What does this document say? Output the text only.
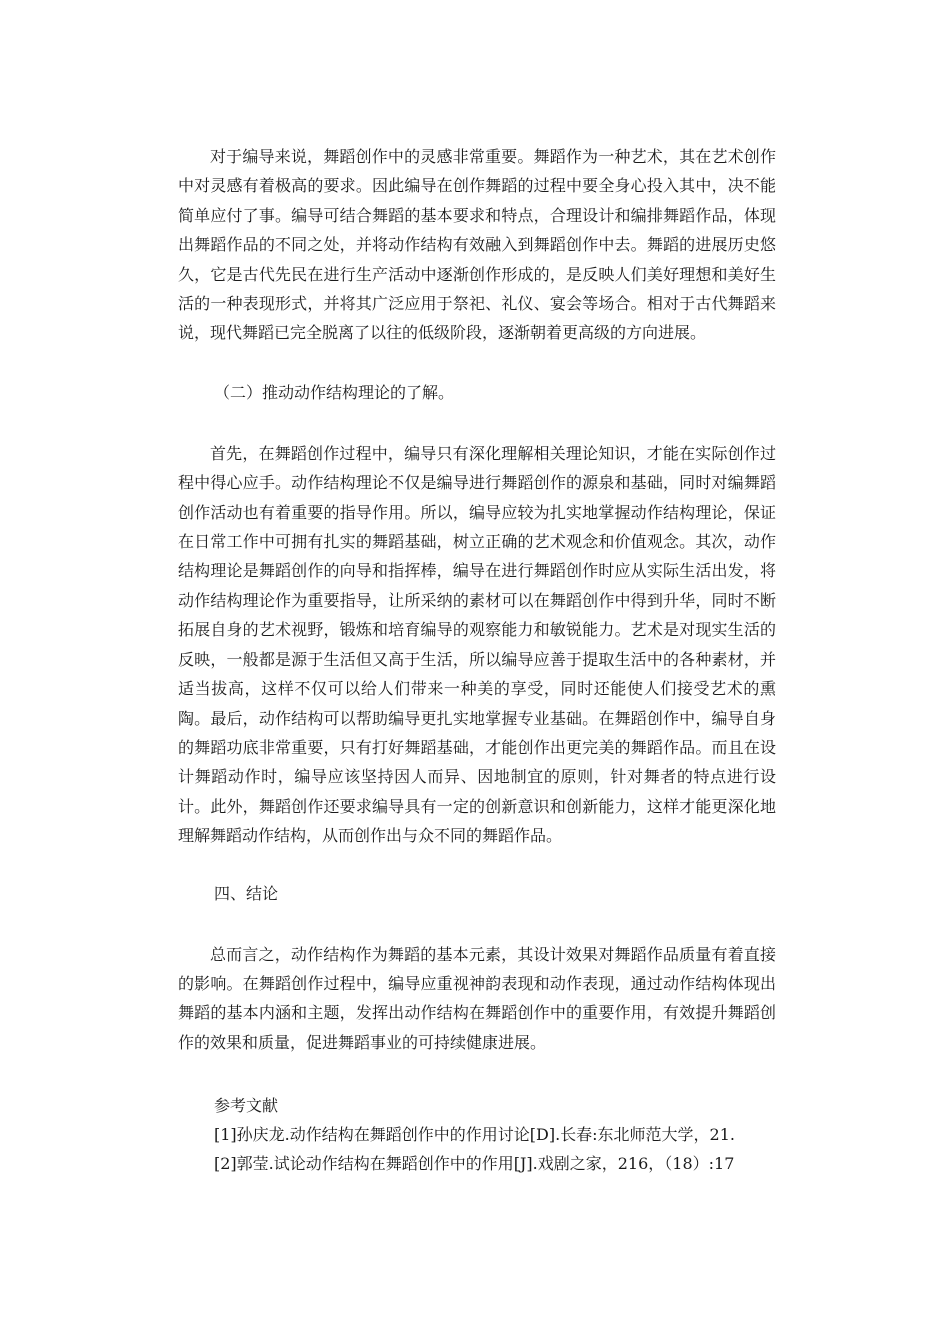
对于编导来说，舞蹈创作中的灵感非常重要。舞蹈作为一种艺术，其在艺术创作中对灵感有着极高的要求。因此编导在创作舞蹈的过程中要全身心投入其中，决不能简单应付了事。编导可结合舞蹈的基本要求和特点，合理设计和编排舞蹈作品，体现出舞蹈作品的不同之处，并将动作结构有效融入到舞蹈创作中去。舞蹈的进展历史悠久，它是古代先民在进行生产活动中逐渐创作形成的，是反映人们美好理想和美好生活的一种表现形式，并将其广泛应用于祭祀、礼仪、宴会等场合。相对于古代舞蹈来说，现代舞蹈已完全脱离了以往的低级阶段，逐渐朝着更高级的方向进展。

（二）推动动作结构理论的了解。

首先，在舞蹈创作过程中，编导只有深化理解相关理论知识，才能在实际创作过程中得心应手。动作结构理论不仅是编导进行舞蹈创作的源泉和基础，同时对编舞蹈创作活动也有着重要的指导作用。所以，编导应较为扎实地掌握动作结构理论，保证在日常工作中可拥有扎实的舞蹈基础，树立正确的艺术观念和价值观念。其次，动作结构理论是舞蹈创作的向导和指挥棒，编导在进行舞蹈创作时应从实际生活出发，将动作结构理论作为重要指导，让所采纳的素材可以在舞蹈创作中得到升华，同时不断拓展自身的艺术视野，锻炼和培育编导的观察能力和敏锐能力。艺术是对现实生活的反映，一般都是源于生活但又高于生活，所以编导应善于提取生活中的各种素材，并适当拔高，这样不仅可以给人们带来一种美的享受，同时还能使人们接受艺术的熏陶。最后，动作结构可以帮助编导更扎实地掌握专业基础。在舞蹈创作中，编导自身的舞蹈功底非常重要，只有打好舞蹈基础，才能创作出更完美的舞蹈作品。而且在设计舞蹈动作时，编导应该坚持因人而异、因地制宜的原则，针对舞者的特点进行设计。此外，舞蹈创作还要求编导具有一定的创新意识和创新能力，这样才能更深化地理解舞蹈动作结构，从而创作出与众不同的舞蹈作品。

四、结论

总而言之，动作结构作为舞蹈的基本元素，其设计效果对舞蹈作品质量有着直接的影响。在舞蹈创作过程中，编导应重视神韵表现和动作表现，通过动作结构体现出舞蹈的基本内涵和主题，发挥出动作结构在舞蹈创作中的重要作用，有效提升舞蹈创作的效果和质量，促进舞蹈事业的可持续健康进展。

参考文献

[1]孙庆龙.动作结构在舞蹈创作中的作用讨论[D].长春:东北师范大学，21.

[2]郭莹.试论动作结构在舞蹈创作中的作用[J].戏剧之家，216，（18）:17
